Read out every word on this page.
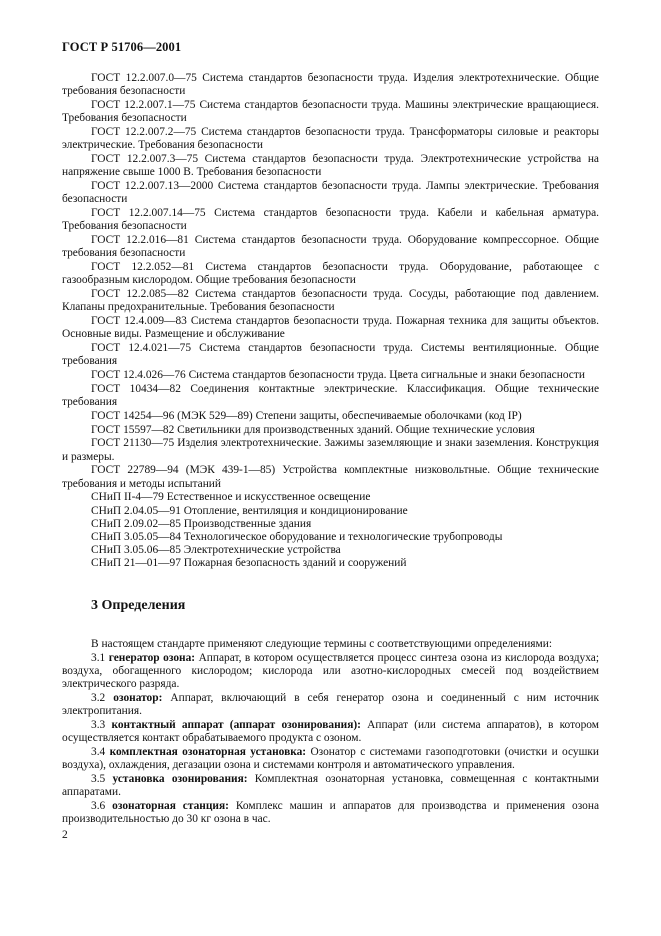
ГОСТ Р 51706—2001

ГОСТ 12.2.007.0—75 Система стандартов безопасности труда. Изделия электротехнические. Общие требования безопасности

ГОСТ 12.2.007.1—75 Система стандартов безопасности труда. Машины электрические вращающиеся. Требования безопасности

ГОСТ 12.2.007.2—75 Система стандартов безопасности труда. Трансформаторы силовые и реакторы электрические. Требования безопасности

ГОСТ 12.2.007.3—75 Система стандартов безопасности труда. Электротехнические устройства на напряжение свыше 1000 В. Требования безопасности

ГОСТ 12.2.007.13—2000 Система стандартов безопасности труда. Лампы электрические. Требования безопасности

ГОСТ 12.2.007.14—75 Система стандартов безопасности труда. Кабели и кабельная арматура. Требования безопасности

ГОСТ 12.2.016—81 Система стандартов безопасности труда. Оборудование компрессорное. Общие требования безопасности

ГОСТ 12.2.052—81 Система стандартов безопасности труда. Оборудование, работающее с газообразным кислородом. Общие требования безопасности

ГОСТ 12.2.085—82 Система стандартов безопасности труда. Сосуды, работающие под давлением. Клапаны предохранительные. Требования безопасности

ГОСТ 12.4.009—83 Система стандартов безопасности труда. Пожарная техника для защиты объектов. Основные виды. Размещение и обслуживание

ГОСТ 12.4.021—75 Система стандартов безопасности труда. Системы вентиляционные. Общие требования

ГОСТ 12.4.026—76 Система стандартов безопасности труда. Цвета сигнальные и знаки безопасности

ГОСТ 10434—82 Соединения контактные электрические. Классификация. Общие технические требования

ГОСТ 14254—96 (МЭК 529—89) Степени защиты, обеспечиваемые оболочками (код IP)

ГОСТ 15597—82 Светильники для производственных зданий. Общие технические условия

ГОСТ 21130—75 Изделия электротехнические. Зажимы заземляющие и знаки заземления. Конструкция и размеры.

ГОСТ 22789—94 (МЭК 439-1—85) Устройства комплектные низковольтные. Общие технические требования и методы испытаний

СНиП II-4—79 Естественное и искусственное освещение

СНиП 2.04.05—91 Отопление, вентиляция и кондиционирование

СНиП 2.09.02—85 Производственные здания

СНиП 3.05.05—84 Технологическое оборудование и технологические трубопроводы

СНиП 3.05.06—85 Электротехнические устройства

СНиП 21—01—97 Пожарная безопасность зданий и сооружений

3 Определения

В настоящем стандарте применяют следующие термины с соответствующими определениями:

3.1 генератор озона: Аппарат, в котором осуществляется процесс синтеза озона из кислорода воздуха; воздуха, обогащенного кислородом; кислорода или азотно-кислородных смесей под воздействием электрического разряда.

3.2 озонатор: Аппарат, включающий в себя генератор озона и соединенный с ним источник электропитания.

3.3 контактный аппарат (аппарат озонирования): Аппарат (или система аппаратов), в котором осуществляется контакт обрабатываемого продукта с озоном.

3.4 комплектная озонаторная установка: Озонатор с системами газоподготовки (очистки и осушки воздуха), охлаждения, дегазации озона и системами контроля и автоматического управления.

3.5 установка озонирования: Комплектная озонаторная установка, совмещенная с контактными аппаратами.

3.6 озонаторная станция: Комплекс машин и аппаратов для производства и применения озона производительностью до 30 кг озона в час.

2
